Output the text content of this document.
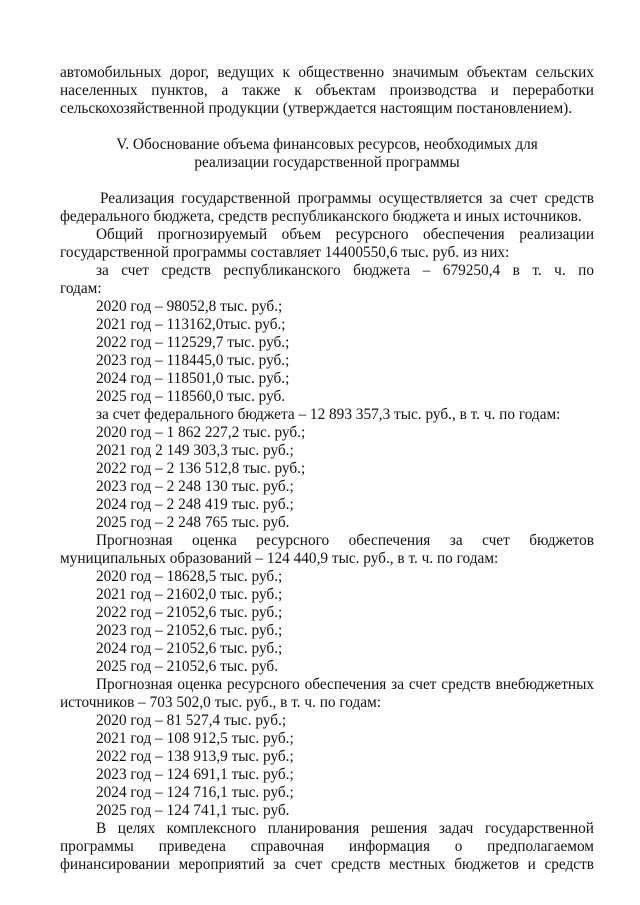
автомобильных дорог, ведущих к общественно значимым объектам сельских
населенных пунктов, а также к объектам производства и переработки
сельскохозяйственной продукции (утверждается настоящим постановлением).
V. Обоснование объема финансовых ресурсов, необходимых для
реализации государственной программы
Реализация государственной программы осуществляется за счет средств
федерального бюджета, средств республиканского бюджета и иных источников.
Общий прогнозируемый объем ресурсного обеспечения реализации
государственной программы составляет 14400550,6 тыс. руб. из них:
за счет средств республиканского бюджета – 679250,4 в т. ч. по
годам:
2020 год – 98052,8 тыс. руб.;
2021 год – 113162,0тыс. руб.;
2022 год – 112529,7 тыс. руб.;
2023 год – 118445,0 тыс. руб.;
2024 год – 118501,0 тыс. руб.;
2025 год – 118560,0 тыс. руб.
за счет федерального бюджета – 12 893 357,3 тыс. руб., в т. ч. по годам:
2020 год – 1 862 227,2 тыс. руб.;
2021 год 2 149 303,3 тыс. руб.;
2022 год – 2 136 512,8 тыс. руб.;
2023 год – 2 248 130 тыс. руб.;
2024 год – 2 248 419 тыс. руб.;
2025 год – 2 248 765 тыс. руб.
Прогнозная оценка ресурсного обеспечения за счет бюджетов
муниципальных образований – 124 440,9 тыс. руб., в т. ч. по годам:
2020 год – 18628,5 тыс. руб.;
2021 год – 21602,0 тыс. руб.;
2022 год – 21052,6 тыс. руб.;
2023 год – 21052,6 тыс. руб.;
2024 год – 21052,6 тыс. руб.;
2025 год – 21052,6 тыс. руб.
Прогнозная оценка ресурсного обеспечения за счет средств внебюджетных
источников – 703 502,0 тыс. руб., в т. ч. по годам:
2020 год – 81 527,4 тыс. руб.;
2021 год – 108 912,5 тыс. руб.;
2022 год – 138 913,9 тыс. руб.;
2023 год – 124 691,1 тыс. руб.;
2024 год – 124 716,1 тыс. руб.;
2025 год – 124 741,1 тыс. руб.
В целях комплексного планирования решения задач государственной
программы приведена справочная информация о предполагаемом
финансировании мероприятий за счет средств местных бюджетов и средств
